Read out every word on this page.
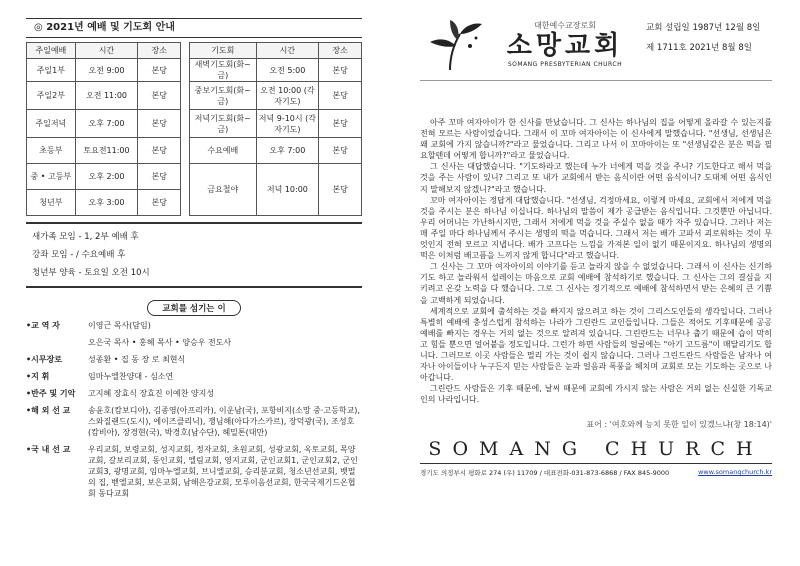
◎ 2021년 예배 및 기도회 안내
주일예배	시간	장소		기도회	시간	장소
주일1부	오전 9:00	본당		새벽기도회(화~금)	오전 5:00	본당
주일2부	오전 11:00	본당		중보기도회(화~금)	오전 10:00 (각자기도)	본당
주일저녁	오후 7:00	본당		저녁기도회(화~금)	저녁 9-10시 (각자기도)	본당
초등부	토요전11:00	본당		수요예배	오후 7:00	본당
중 • 고등부	오후 2:00	본당		금요철야	저녁 10:00	본당
청년부	오후 3:00	본당				
새가족 모임 - 1, 2부 예배 후
강좌 모임 - / 수요예배 후
청년부 양육 - 토요일 오전 10시
교회를 섬기는 이
•교 역 자	이영근 목사(담임)
오은국 목사 • 홍혜 목사 • 양승우 전도사
•시무장로	성종환 • 집 동 장 로 최현식
•지 휘	임마누엘찬양대 - 심소연
•반주 및 기악	고지혜 장효식 장효진 이예찬 양지성
•해 외 선 교	송윤호(캄보디아), 김종영(아프리카), 이운남(국), 포항비지(소망 중·고등학교), 스와질랜드(도시), 에이즈클리닉), 쟁님해(아다가스카르), 장덕광(국), 조성호(캄비아), 장경현(국), 박경호(남수단), 헤밀톤(대만)
•국 내 선 교	우리교회, 보령교회, 성지교회, 정자교회, 초원교회, 성광교회, 옥토교회, 목양교회, 갈보리교회, 동인교회, 엘림교회, 영지교회, 군인교회1, 군인교회2, 군인교회3, 광명교회, 임마누엘교회, 브니엘교회, 승리분교회, 청소년선교회, 뱃멀의 집, 벧엘교회, 보은교회, 남해은강교회, 모루이음선교회, 한국국제기드온협회 동다교회
대한예수교장로회
소망교회
SOMANG PRESBYTERIAN CHURCH
교회 설립일 1987년 12월 8일
제 1711호 2021년 8월 8일

아주 꼬마 여자아이가 한 신사를 만났습니다. 그 신사는 하나님의 집을 어떻게 올라갈 수 있는지를 전혀 모르는 사람이었습니다. 그래서 이 꼬마 여자아이는 이 신사에게 말했습니다. "선생님, 선생님은 왜 교회에 가지 않습니까?"라고 물었습니다. 그리고 나서 이 꼬마아이는 또 "선생님같은 분은 떡을 필요할텐데 어떻게 합니까?"라고 물었습니다.

그 신사는 대답했습니다. "기도하라고 했는데 누가 너에게 먹을 것을 주니? 기도한다고 해서 먹을 것을 주는 사람이 있니? 그리고 또 내가 교회에서 받는 음식이란 어떤 음식이니? 도대체 어떤 음식인지 말해보지 않겠니?"라고 했습니다.

꼬마 여자아이는 정답게 대답했습니다. "선생님, 걱정마세요, 이렇게 마세요, 교회에서 저에게 먹을 것을 주시는 분은 하나님 이십니다. 하나님의 말씀이 제가 공급받는 음식입니다. 그것뿐만 아닙니다. 우리 어머니는 가난하시지만, 그래서 저에게 먹을 것을 주실수 없을 때가 자주 있습니다. 그러나 저는 매 주일 마다 하나님께서 주시는 생명의 떡을 먹습니다. 그래서 저는 배가 고파서 괴로워하는 것이 무엇인지 전혀 모르고 지냅니다. 배가 고프다는 느낌을 가져본 일이 없기 때문이지요. 하나님의 생명의 떡은 이처럼 배고픔을 느끼지 않게 합니다"라고 했습니다.

그 신사는 그 꼬마 여자아이의 이야기를 듣고 놀라지 않을 수 없었습니다. 그래서 이 신사는 신기하기도 하고 놀라워서 설레이는 마음으로 교회 예배에 참석하기로 했습니다. 그 신사는 그의 결심을 지키려고 온갖 노력을 다 했습니다. 그로 그 신사는 정기적으로 예배에 참석하면서 받는 은혜의 큰 기쁨을 고백하게 되었습니다.

세계적으로 교회에 출석하는 것을 빠지지 않으려고 하는 것이 그리스도인들의 생각입니다. 그러나 특별히 예배에 충성스럽게 참석하는 나라가 그린란드 교인들입니다. 그들은 적어도 기후때문에 공공예배를 빠지는 경우는 거의 없는 것으로 알려져 있습니다. 그린란드는 너무나 춥기 때문에 습이 막히고 힘들 뿐으면 얼어붙을 정도입니다. 그런가 하면 사람들의 얼굴에는 "아기 고드름"이 매달리기도 합니다. 그러므로 이곳 사람들은 멀리 가는 것이 쉽지 않습니다. 그러나 그린드란드 사람들은 남자나 여자나 아이들이나 누구든지 믿는 사람들은 눈과 얼음과 폭풍을 헤치며 교회로 모는 기도하는 곳으로 나아갑니다.

그린란드 사람들은 기후 때문에, 날씨 때문에 교회에 가시지 않는 사람은 거의 없는 신실한 기독교인의 나라입니다.

표어 : '여호와께 능치 못한 일이 있겠느냐(창 18:14)'
SOMANG CHURCH
경기도 의정부시 평화로 274 (우) 11709 / 대표전화-031-873-6868 / FAX 845-9000	www.somangchurch.kr
